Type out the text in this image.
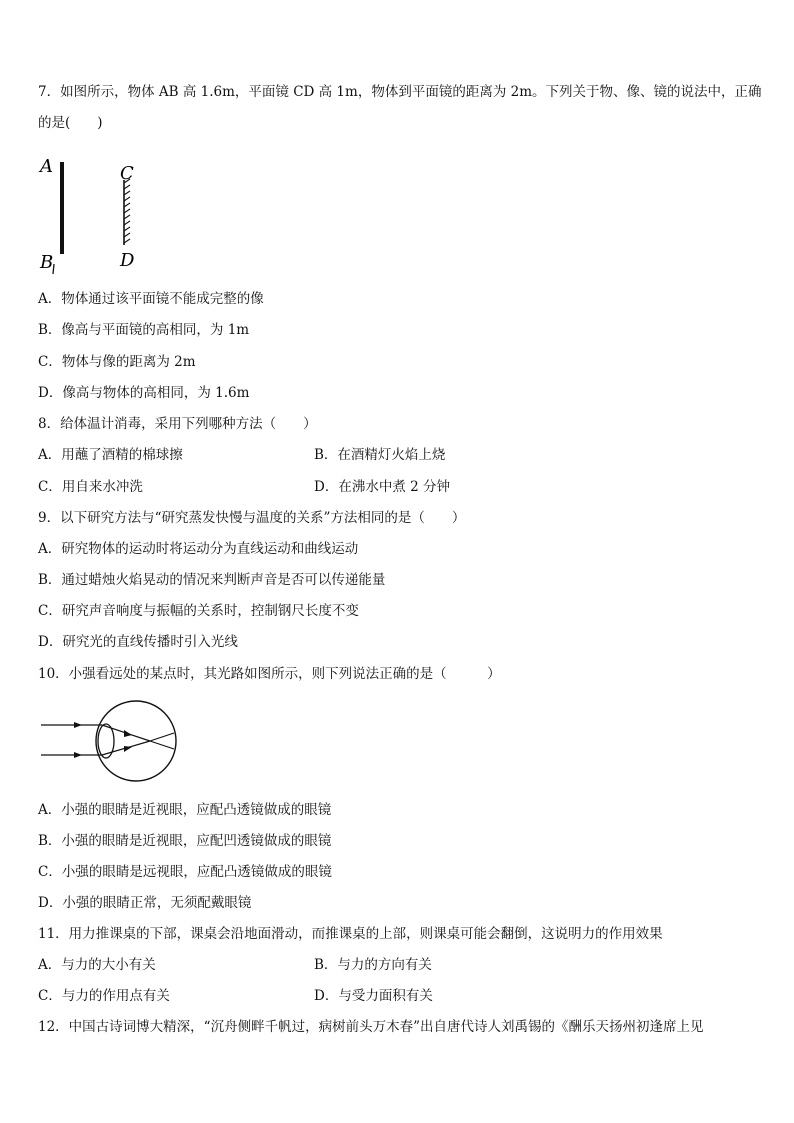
7．如图所示，物体 AB 高 1.6m，平面镜 CD 高 1m，物体到平面镜的距离为 2m。下列关于物、像、镜的说法中，正确
的是(　　)
A
B
C
D
A．物体通过该平面镜不能成完整的像
B．像高与平面镜的高相同，为 1m
C．物体与像的距离为 2m
D．像高与物体的高相同，为 1.6m
8．给体温计消毒，采用下列哪种方法（　　）
A．用蘸了酒精的棉球擦	B．在酒精灯火焰上烧
C．用自来水冲洗	D．在沸水中煮 2 分钟
9．以下研究方法与“研究蒸发快慢与温度的关系”方法相同的是（　　）
A．研究物体的运动时将运动分为直线运动和曲线运动
B．通过蜡烛火焰晃动的情况来判断声音是否可以传递能量
C．研究声音响度与振幅的关系时，控制钢尺长度不变
D．研究光的直线传播时引入光线
10．小强看远处的某点时，其光路如图所示，则下列说法正确的是（　　　）
A．小强的眼睛是近视眼，应配凸透镜做成的眼镜
B．小强的眼睛是近视眼，应配凹透镜做成的眼镜
C．小强的眼睛是远视眼，应配凸透镜做成的眼镜
D．小强的眼睛正常，无须配戴眼镜
11．用力推课桌的下部，课桌会沿地面滑动，而推课桌的上部，则课桌可能会翻倒，这说明力的作用效果
A．与力的大小有关	B．与力的方向有关
C．与力的作用点有关	D．与受力面积有关
12．中国古诗词博大精深，“沉舟侧畔千帆过，病树前头万木春”出自唐代诗人刘禹锡的《酬乐天扬州初逢席上见
